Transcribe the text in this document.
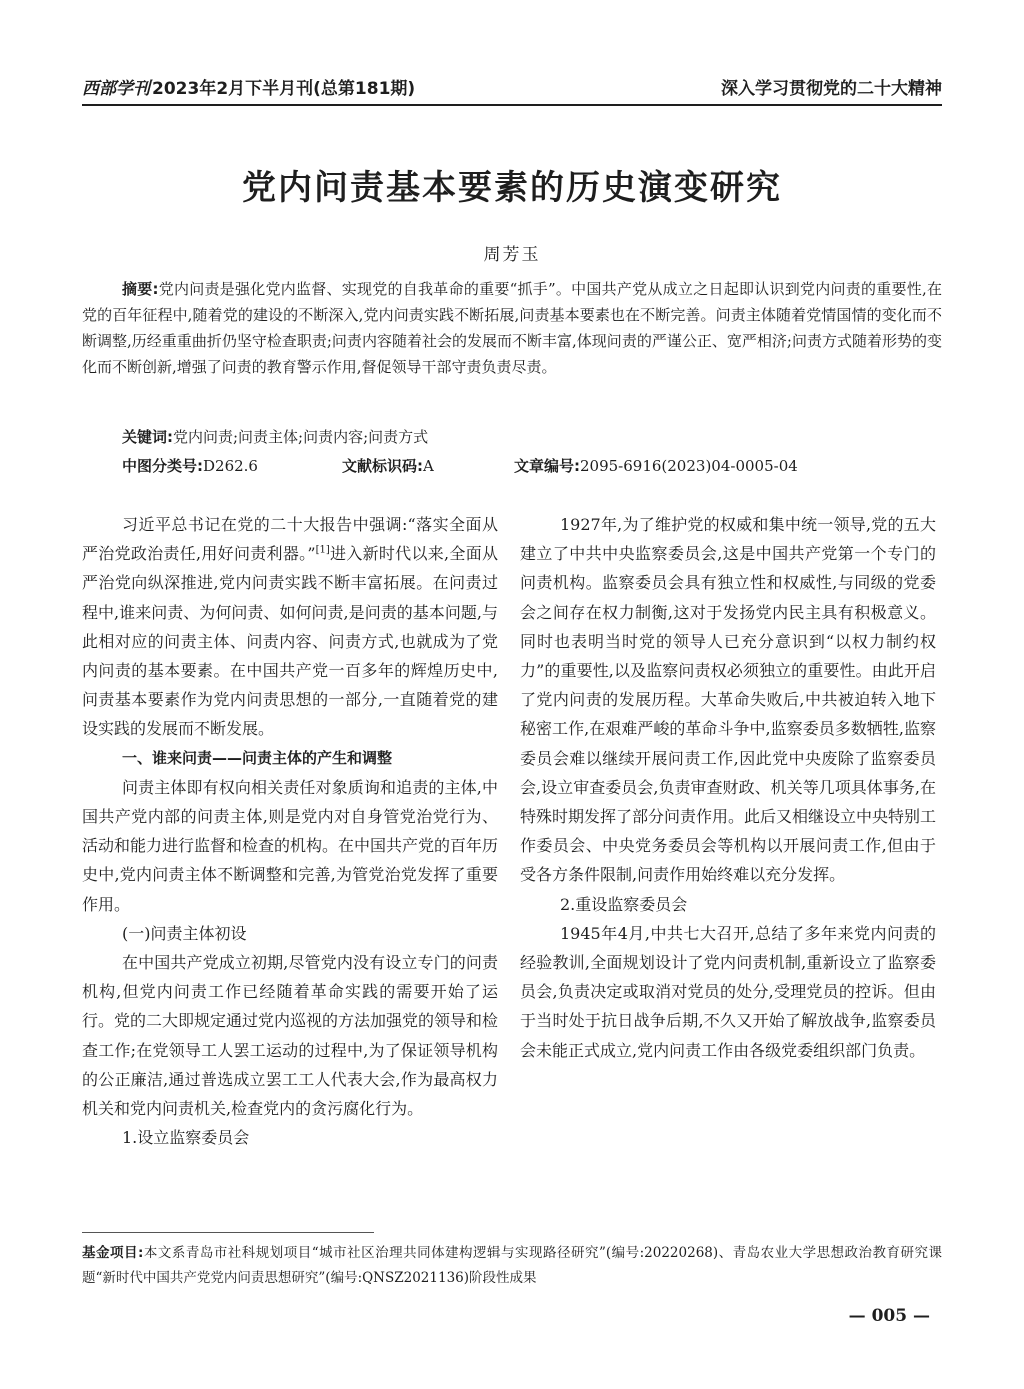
西部学刊 2023年2月下半月刊(总第181期)	深入学习贯彻党的二十大精神
党内问责基本要素的历史演变研究
周芳玉
摘要:党内问责是强化党内监督、实现党的自我革命的重要“抓手”。中国共产党从成立之日起即认识到党内问责的重要性,在党的百年征程中,随着党的建设的不断深入,党内问责实践不断拓展,问责基本要素也在不断完善。问责主体随着党情国情的变化而不断调整,历经重重曲折仍坚守检查职责;问责内容随着社会的发展而不断丰富,体现问责的严谨公正、宽严相济;问责方式随着形势的变化而不断创新,增强了问责的教育警示作用,督促领导干部守责负责尽责。
关键词:党内问责;问责主体;问责内容;问责方式
中图分类号:D262.6	文献标识码:A	文章编号:2095-6916(2023)04-0005-04

习近平总书记在党的二十大报告中强调:“落实全面从严治党政治责任,用好问责利器。”[1]进入新时代以来,全面从严治党向纵深推进,党内问责实践不断丰富拓展。在问责过程中,谁来问责、为何问责、如何问责,是问责的基本问题,与此相对应的问责主体、问责内容、问责方式,也就成为了党内问责的基本要素。在中国共产党一百多年的辉煌历史中,问责基本要素作为党内问责思想的一部分,一直随着党的建设实践的发展而不断发展。

一、谁来问责——问责主体的产生和调整

问责主体即有权向相关责任对象质询和追责的主体,中国共产党内部的问责主体,则是党内对自身管党治党行为、活动和能力进行监督和检查的机构。在中国共产党的百年历史中,党内问责主体不断调整和完善,为管党治党发挥了重要作用。

(一)问责主体初设

在中国共产党成立初期,尽管党内没有设立专门的问责机构,但党内问责工作已经随着革命实践的需要开始了运行。党的二大即规定通过党内巡视的方法加强党的领导和检查工作;在党领导工人罢工运动的过程中,为了保证领导机构的公正廉洁,通过普选成立罢工工人代表大会,作为最高权力机关和党内问责机关,检查党内的贪污腐化行为。

1.设立监察委员会

1927年,为了维护党的权威和集中统一领导,党的五大建立了中共中央监察委员会,这是中国共产党第一个专门的问责机构。监察委员会具有独立性和权威性,与同级的党委会之间存在权力制衡,这对于发扬党内民主具有积极意义。同时也表明当时党的领导人已充分意识到“以权力制约权力”的重要性,以及监察问责权必须独立的重要性。由此开启了党内问责的发展历程。大革命失败后,中共被迫转入地下秘密工作,在艰难严峻的革命斗争中,监察委员多数牺牲,监察委员会难以继续开展问责工作,因此党中央废除了监察委员会,设立审查委员会,负责审查财政、机关等几项具体事务,在特殊时期发挥了部分问责作用。此后又相继设立中央特别工作委员会、中央党务委员会等机构以开展问责工作,但由于受各方条件限制,问责作用始终难以充分发挥。

2.重设监察委员会

1945年4月,中共七大召开,总结了多年来党内问责的经验教训,全面规划设计了党内问责机制,重新设立了监察委员会,负责决定或取消对党员的处分,受理党员的控诉。但由于当时处于抗日战争后期,不久又开始了解放战争,监察委员会未能正式成立,党内问责工作由各级党委组织部门负责。

基金项目:本文系青岛市社科规划项目“城市社区治理共同体建构逻辑与实现路径研究”(编号:20220268)、青岛农业大学思想政治教育研究课题“新时代中国共产党党内问责思想研究”(编号:QNSZ2021136)阶段性成果
— 005 —
